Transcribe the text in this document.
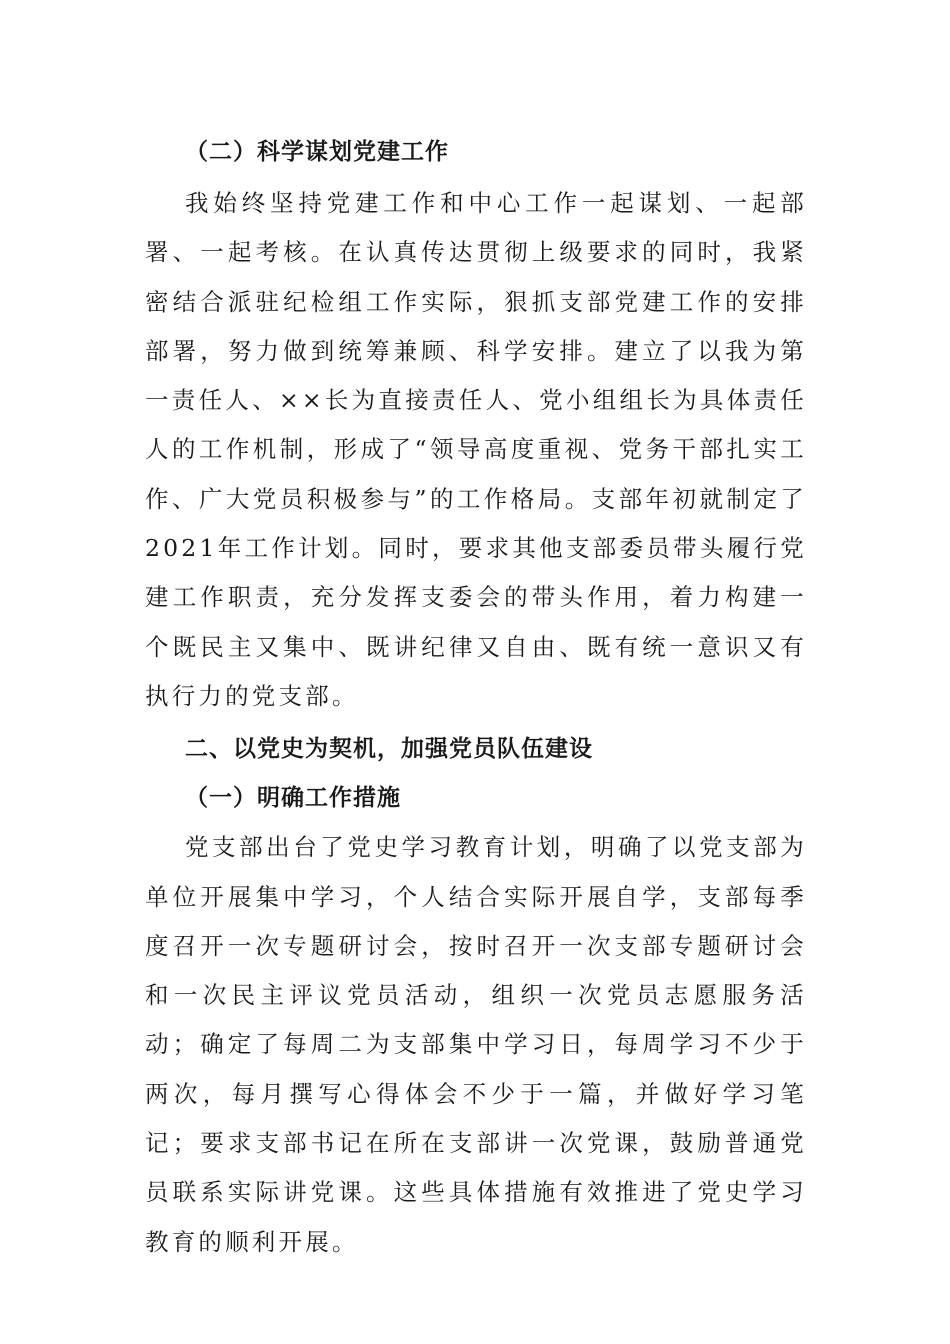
（二）科学谋划党建工作

我始终坚持党建工作和中心工作一起谋划、一起部署、一起考核。在认真传达贯彻上级要求的同时，我紧密结合派驻纪检组工作实际，狠抓支部党建工作的安排部署，努力做到统筹兼顾、科学安排。建立了以我为第一责任人、××长为直接责任人、党小组组长为具体责任人的工作机制，形成了“领导高度重视、党务干部扎实工作、广大党员积极参与”的工作格局。支部年初就制定了2021年工作计划。同时，要求其他支部委员带头履行党建工作职责，充分发挥支委会的带头作用，着力构建一个既民主又集中、既讲纪律又自由、既有统一意识又有执行力的党支部。

二、以党史为契机，加强党员队伍建设
（一）明确工作措施

党支部出台了党史学习教育计划，明确了以党支部为单位开展集中学习，个人结合实际开展自学，支部每季度召开一次专题研讨会，按时召开一次支部专题研讨会和一次民主评议党员活动，组织一次党员志愿服务活动；确定了每周二为支部集中学习日，每周学习不少于两次，每月撰写心得体会不少于一篇，并做好学习笔记；要求支部书记在所在支部讲一次党课，鼓励普通党员联系实际讲党课。这些具体措施有效推进了党史学习教育的顺利开展。
